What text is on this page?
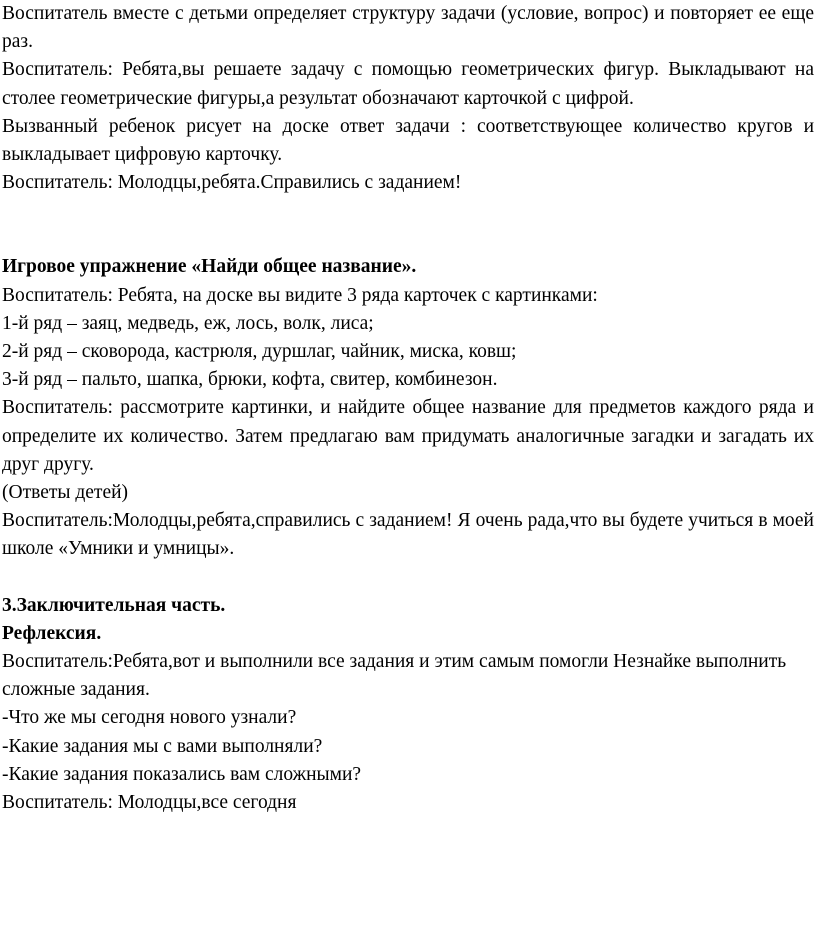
Воспитатель вместе с детьми определяет структуру задачи (условие, вопрос) и повторяет ее еще раз.

Воспитатель: Ребята,вы решаете задачу с помощью геометрических фигур. Выкладывают на столее геометрические фигуры,а результат обозначают карточкой с цифрой.

Вызванный ребенок рисует на доске ответ задачи : соответствующее количество кругов и выкладывает цифровую карточку.

Воспитатель: Молодцы,ребята.Справились с заданием!

Игровое упражнение «Найди общее название».

Воспитатель: Ребята, на доске вы видите 3 ряда карточек с картинками:

1-й ряд – заяц, медведь, еж, лось, волк, лиса;

2-й ряд – сковорода, кастрюля, дуршлаг, чайник, миска, ковш;

3-й ряд – пальто, шапка, брюки, кофта, свитер, комбинезон.

Воспитатель: рассмотрите картинки, и найдите общее название для предметов каждого ряда и определите их количество. Затем предлагаю вам придумать аналогичные загадки и загадать их друг другу.

(Ответы детей)

Воспитатель:Молодцы,ребята,справились с заданием! Я очень рада,что вы будете учиться в моей школе «Умники и умницы».

3.Заключительная часть.

Рефлексия.

Воспитатель:Ребята,вот и выполнили все задания и этим самым помогли Незнайке выполнить сложные задания.

-Что же мы сегодня нового узнали?

-Какие задания мы с вами выполняли?

-Какие задания показались вам сложными?

Воспитатель: Молодцы,все сегодня
